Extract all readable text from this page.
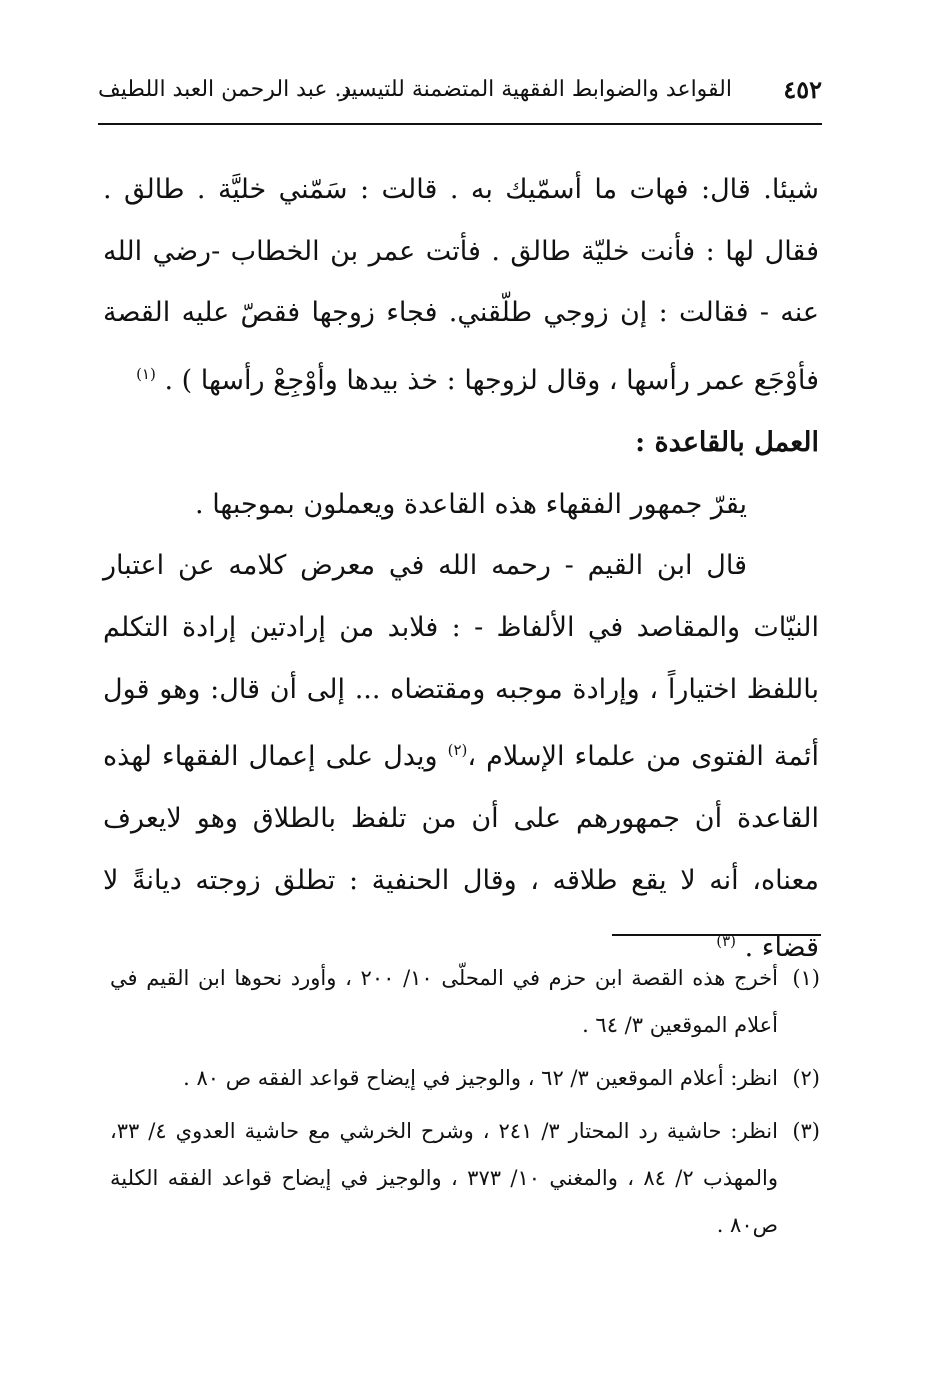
٤٥٢
القواعد والضوابط الفقهية المتضمنة للتيسير
د. عبد الرحمن العبد اللطيف

شيئا. قال: فهات ما أسمّيك به . قالت : سَمّني خليَّة . طالق . فقال لها : فأنت خليّة طالق . فأتت عمر بن الخطاب -رضي الله عنه - فقالت : إن زوجي طلّقني. فجاء زوجها فقصّ عليه القصة فأوْجَع عمر رأسها ، وقال لزوجها : خذ بيدها وأوْجِعْ رأسها ) . $^{(١)}$

العمل بالقاعدة :

يقرّ جمهور الفقهاء هذه القاعدة ويعملون بموجبها .

قال ابن القيم - رحمه الله في معرض كلامه عن اعتبار النيّات والمقاصد في الألفاظ - : فلابد من إرادتين إرادة التكلم باللفظ اختياراً ، وإرادة موجبه ومقتضاه ... إلى أن قال: وهو قول أئمة الفتوى من علماء الإسلام ،$^{(٢)}$ ويدل على إعمال الفقهاء لهذه القاعدة أن جمهورهم على أن من تلفظ بالطلاق وهو لايعرف معناه، أنه لا يقع طلاقه ، وقال الحنفية : تطلق زوجته ديانةً لا قضاء . $^{(٣)}$

(١)
أخرج هذه القصة ابن حزم في المحلّى ١٠/ ٢٠٠ ، وأورد نحوها ابن القيم في أعلام الموقعين ٣/ ٦٤ .

(٢)
انظر: أعلام الموقعين ٣/ ٦٢ ، والوجيز في إيضاح قواعد الفقه ص ٨٠ .

(٣)
انظر: حاشية رد المحتار ٣/ ٢٤١ ، وشرح الخرشي مع حاشية العدوي ٤/ ٣٣، والمهذب ٢/ ٨٤ ، والمغني ١٠/ ٣٧٣ ، والوجيز في إيضاح قواعد الفقه الكلية ص٨٠ .
